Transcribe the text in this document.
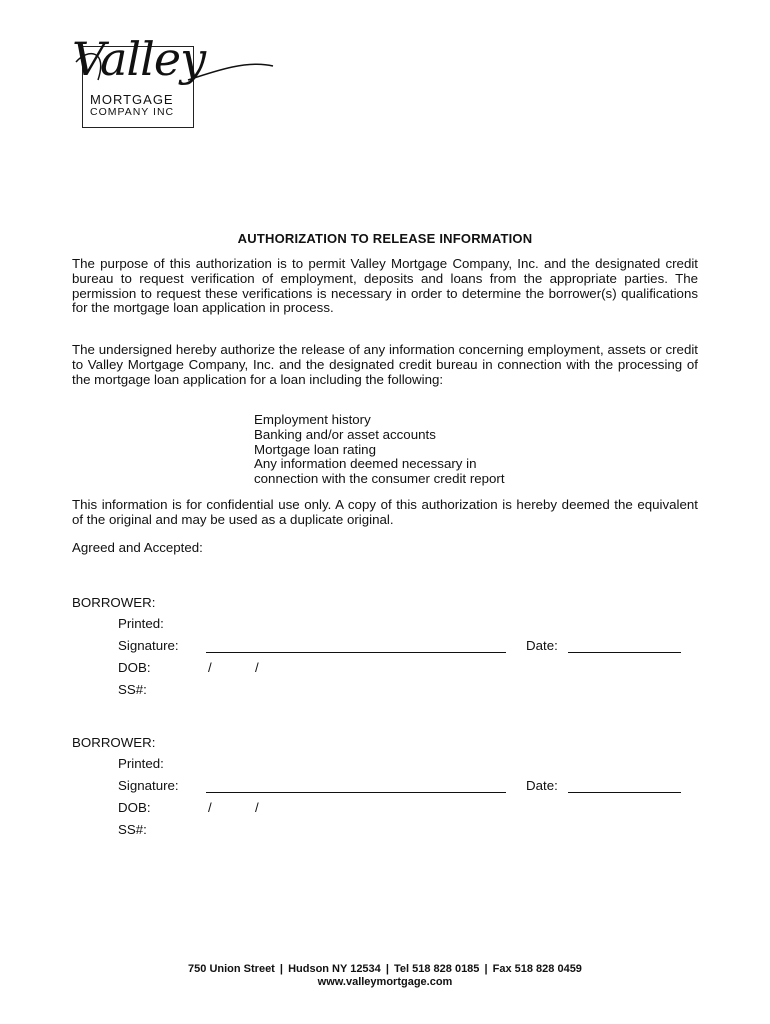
Valley
MORTGAGE
COMPANY INC
AUTHORIZATION TO RELEASE INFORMATION

The purpose of this authorization is to permit Valley Mortgage Company, Inc. and the designated credit bureau to request verification of employment, deposits and loans from the appropriate parties. The permission to request these verifications is necessary in order to determine the borrower(s) qualifications for the mortgage loan application in process.

The undersigned hereby authorize the release of any information concerning employment, assets or credit to Valley Mortgage Company, Inc. and the designated credit bureau in connection with the processing of the mortgage loan application for a loan including the following:

Employment history
Banking and/or asset accounts
Mortgage loan rating
Any information deemed necessary in
connection with the consumer credit report

This information is for confidential use only. A copy of this authorization is hereby deemed the equivalent of the original and may be used as a duplicate original.

Agreed and Accepted:
BORROWER:
Printed:
Signature:	Date:
DOB:	/	/
SS#:
BORROWER:
Printed:
Signature:	Date:
DOB:	/	/
SS#:
750 Union Street | Hudson NY 12534 | Tel 518 828 0185 | Fax 518 828 0459
www.valleymortgage.com
